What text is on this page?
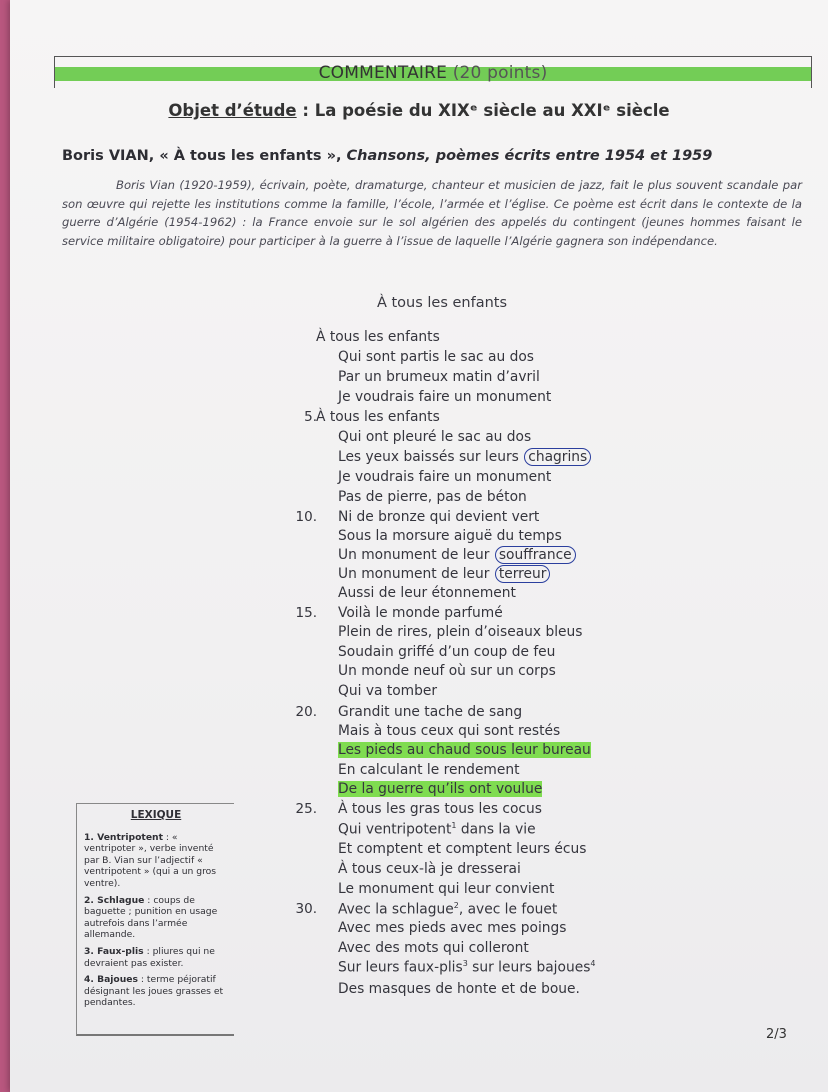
COMMENTAIRE (20 points)
Objet d’étude : La poésie du XIXᵉ siècle au XXIᵉ siècle
Boris VIAN, « À tous les enfants », Chansons, poèmes écrits entre 1954 et 1959
Boris Vian (1920-1959), écrivain, poète, dramaturge, chanteur et musicien de jazz, fait le plus souvent scandale par son œuvre qui rejette les institutions comme la famille, l’école, l’armée et l’église. Ce poème est écrit dans le contexte de la guerre d’Algérie (1954-1962) : la France envoie sur le sol algérien des appelés du contingent (jeunes hommes faisant le service militaire obligatoire) pour participer à la guerre à l’issue de laquelle l’Algérie gagnera son indépendance.
À tous les enfants
5.
10.
15.
20.
25.
30.
À tous les enfants
Qui sont partis le sac au dos
Par un brumeux matin d’avril
Je voudrais faire un monument
À tous les enfants
Qui ont pleuré le sac au dos
Les yeux baissés sur leurs chagrins
Je voudrais faire un monument
Pas de pierre, pas de béton
Ni de bronze qui devient vert
Sous la morsure aiguë du temps
Un monument de leur souffrance
Un monument de leur terreur
Aussi de leur étonnement
Voilà le monde parfumé
Plein de rires, plein d’oiseaux bleus
Soudain griffé d’un coup de feu
Un monde neuf où sur un corps
Qui va tomber
Grandit une tache de sang
Mais à tous ceux qui sont restés
Les pieds au chaud sous leur bureau
En calculant le rendement
De la guerre qu’ils ont voulue
À tous les gras tous les cocus
Qui ventripotent$^1$ dans la vie
Et comptent et comptent leurs écus
À tous ceux-là je dresserai
Le monument qui leur convient
Avec la schlague$^2$, avec le fouet
Avec mes pieds avec mes poings
Avec des mots qui colleront
Sur leurs faux-plis$^3$ sur leurs bajoues$^4$
Des masques de honte et de boue.
LEXIQUE
1. Ventripotent : « ventripoter », verbe inventé par B. Vian sur l’adjectif « ventripotent » (qui a un gros ventre).
2. Schlague : coups de baguette ; punition en usage autrefois dans l’armée allemande.
3. Faux-plis : pliures qui ne devraient pas exister.
4. Bajoues : terme péjoratif désignant les joues grasses et pendantes.
2/3
